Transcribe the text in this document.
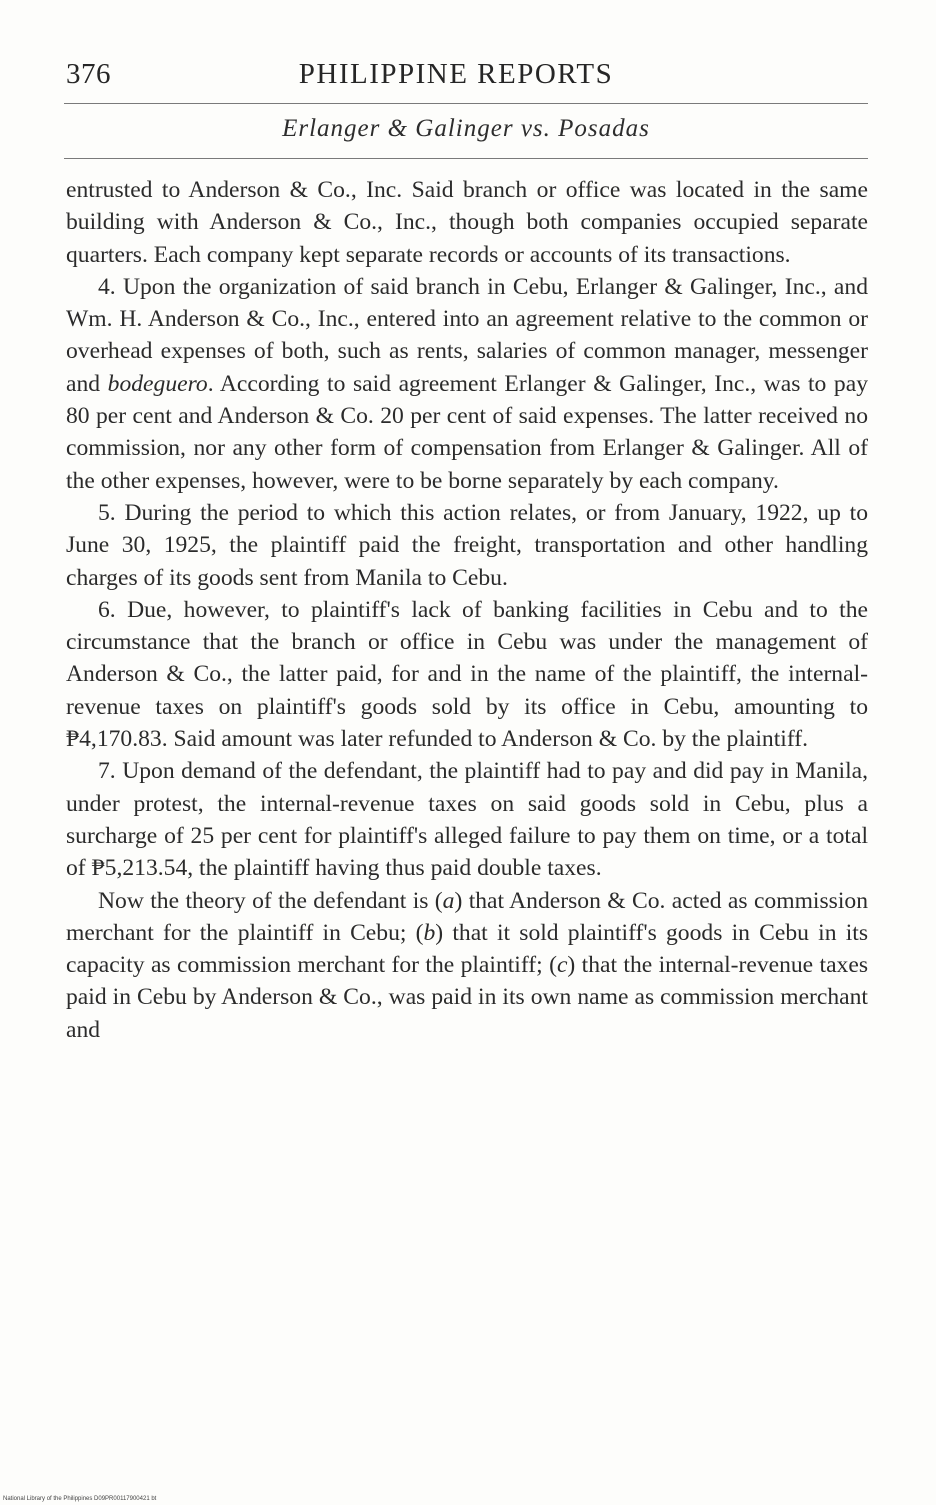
376	PHILIPPINE REPORTS
Erlanger & Galinger vs. Posadas

entrusted to Anderson & Co., Inc. Said branch or office was located in the same building with Anderson & Co., Inc., though both companies occupied separate quarters. Each company kept separate records or accounts of its transactions.

4. Upon the organization of said branch in Cebu, Erlanger & Galinger, Inc., and Wm. H. Anderson & Co., Inc., entered into an agreement relative to the common or overhead expenses of both, such as rents, salaries of common manager, messenger and bodeguero. According to said agreement Erlanger & Galinger, Inc., was to pay 80 per cent and Anderson & Co. 20 per cent of said expenses. The latter received no commission, nor any other form of compensation from Erlanger & Galinger. All of the other expenses, however, were to be borne separately by each company.

5. During the period to which this action relates, or from January, 1922, up to June 30, 1925, the plaintiff paid the freight, transportation and other handling charges of its goods sent from Manila to Cebu.

6. Due, however, to plaintiff's lack of banking facilities in Cebu and to the circumstance that the branch or office in Cebu was under the management of Anderson & Co., the latter paid, for and in the name of the plaintiff, the internal-revenue taxes on plaintiff's goods sold by its office in Cebu, amounting to ₱4,170.83. Said amount was later refunded to Anderson & Co. by the plaintiff.

7. Upon demand of the defendant, the plaintiff had to pay and did pay in Manila, under protest, the internal-revenue taxes on said goods sold in Cebu, plus a surcharge of 25 per cent for plaintiff's alleged failure to pay them on time, or a total of ₱5,213.54, the plaintiff having thus paid double taxes.

Now the theory of the defendant is (a) that Anderson & Co. acted as commission merchant for the plaintiff in Cebu; (b) that it sold plaintiff's goods in Cebu in its capacity as commission merchant for the plaintiff; (c) that the internal-revenue taxes paid in Cebu by Anderson & Co., was paid in its own name as commission merchant and

National Library of the Philippines D09PR00117900421 bt
